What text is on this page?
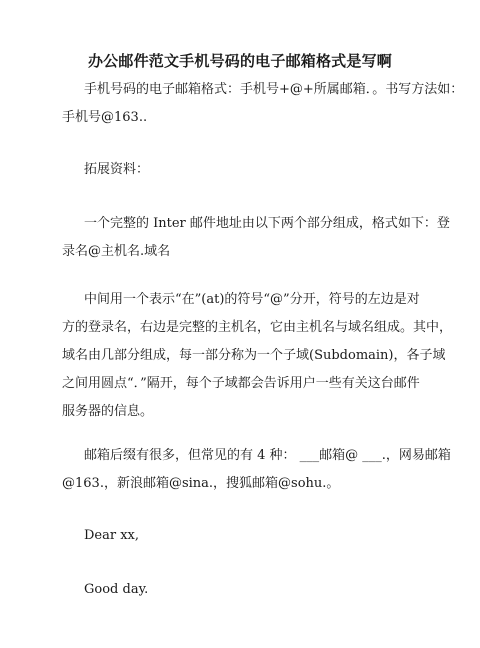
办公邮件范文手机号码的电子邮箱格式是写啊
手机号码的电子邮箱格式：手机号+@+所属邮箱．。书写方法如：
手机号@163..
拓展资料：
一个完整的 Inter 邮件地址由以下两个部分组成，格式如下：登
录名@主机名.域名
中间用一个表示“在”(at)的符号“@”分开，符号的左边是对
方的登录名，右边是完整的主机名，它由主机名与域名组成。其中，
域名由几部分组成，每一部分称为一个子域(Subdomain)，各子域
之间用圆点“．”隔开，每个子域都会告诉用户一些有关这台邮件
服务器的信息。
邮箱后缀有很多，但常见的有 4 种： ___邮箱@ ___.，网易邮箱
@163.，新浪邮箱@sina.，搜狐邮箱@sohu.。
Dear xx,
Good day.
